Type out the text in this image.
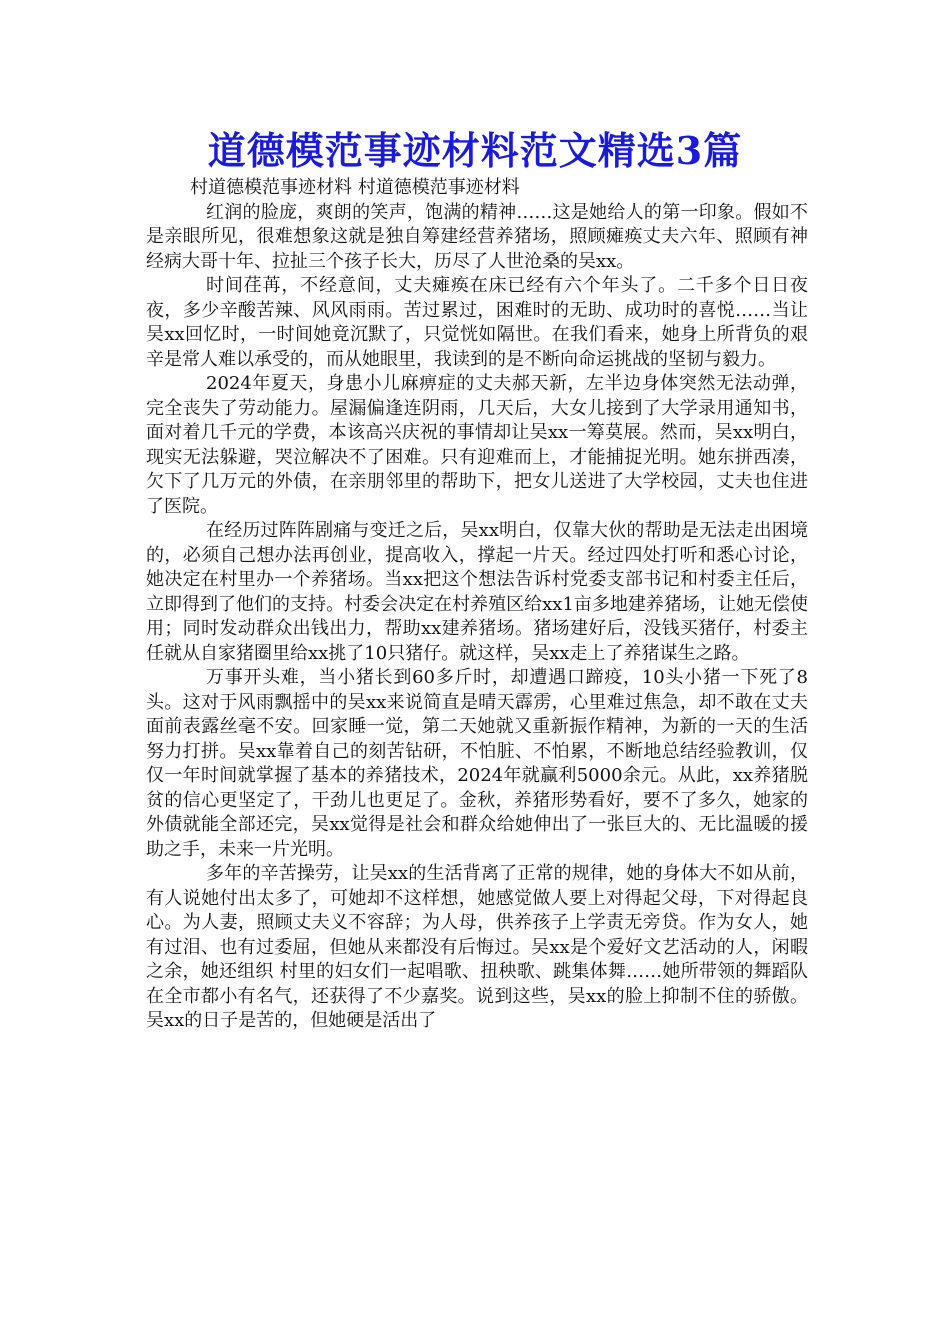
道德模范事迹材料范文精选3篇

村道德模范事迹材料 村道德模范事迹材料

红润的脸庞，爽朗的笑声，饱满的精神……这是她给人的第一印象。假如不是亲眼所见，很难想象这就是独自筹建经营养猪场，照顾瘫痪丈夫六年、照顾有神经病大哥十年、拉扯三个孩子长大，历尽了人世沧桑的吴xx。

时间荏苒，不经意间，丈夫瘫痪在床已经有六个年头了。二千多个日日夜夜，多少辛酸苦辣、风风雨雨。苦过累过，困难时的无助、成功时的喜悦……当让吴xx回忆时，一时间她竟沉默了，只觉恍如隔世。在我们看来，她身上所背负的艰辛是常人难以承受的，而从她眼里，我读到的是不断向命运挑战的坚韧与毅力。

2024年夏天，身患小儿麻痹症的丈夫郝天新，左半边身体突然无法动弹，完全丧失了劳动能力。屋漏偏逢连阴雨，几天后，大女儿接到了大学录用通知书，面对着几千元的学费，本该高兴庆祝的事情却让吴xx一筹莫展。然而，吴xx明白，现实无法躲避，哭泣解决不了困难。只有迎难而上，才能捕捉光明。她东拼西凑，欠下了几万元的外债，在亲朋邻里的帮助下，把女儿送进了大学校园，丈夫也住进了医院。

在经历过阵阵剧痛与变迁之后，吴xx明白，仅靠大伙的帮助是无法走出困境的，必须自己想办法再创业，提高收入，撑起一片天。经过四处打听和悉心讨论，她决定在村里办一个养猪场。当xx把这个想法告诉村党委支部书记和村委主任后，立即得到了他们的支持。村委会决定在村养殖区给xx1亩多地建养猪场，让她无偿使用；同时发动群众出钱出力，帮助xx建养猪场。猪场建好后，没钱买猪仔，村委主任就从自家猪圈里给xx挑了10只猪仔。就这样，吴xx走上了养猪谋生之路。

万事开头难，当小猪长到60多斤时，却遭遇口蹄疫，10头小猪一下死了8头。这对于风雨飘摇中的吴xx来说简直是晴天霹雳，心里难过焦急，却不敢在丈夫面前表露丝毫不安。回家睡一觉，第二天她就又重新振作精神，为新的一天的生活努力打拼。吴xx靠着自己的刻苦钻研，不怕脏、不怕累，不断地总结经验教训，仅仅一年时间就掌握了基本的养猪技术，2024年就赢利5000余元。从此，xx养猪脱贫的信心更坚定了，干劲儿也更足了。金秋，养猪形势看好，要不了多久，她家的外债就能全部还完，吴xx觉得是社会和群众给她伸出了一张巨大的、无比温暖的援助之手，未来一片光明。

多年的辛苦操劳，让吴xx的生活背离了正常的规律，她的身体大不如从前，有人说她付出太多了，可她却不这样想，她感觉做人要上对得起父母，下对得起良心。为人妻，照顾丈夫义不容辞；为人母，供养孩子上学责无旁贷。作为女人，她有过泪、也有过委屈，但她从来都没有后悔过。吴xx是个爱好文艺活动的人，闲暇之余，她还组织 村里的妇女们一起唱歌、扭秧歌、跳集体舞……她所带领的舞蹈队在全市都小有名气，还获得了不少嘉奖。说到这些，吴xx的脸上抑制不住的骄傲。吴xx的日子是苦的，但她硬是活出了
